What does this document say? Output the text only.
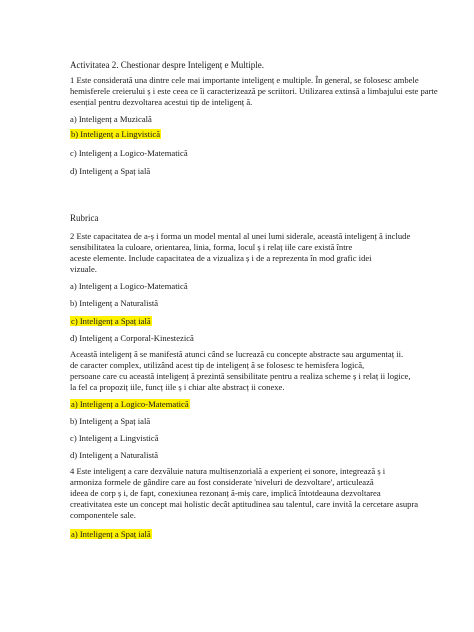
Activitatea 2. Chestionar despre Inteligenț e Multiple.
1 Este considerată una dintre cele mai importante inteligenț e multiple. În general, se folosesc ambele
hemisferele creierului ș i este ceea ce îi caracterizează pe scriitori. Utilizarea extinsă a limbajului este parte
esențial pentru dezvoltarea acestui tip de inteligenț ă.
a) Inteligenț a Muzicală
b) Inteligenț a Lingvistică
c) Inteligenț a Logico-Matematică
d) Inteligenț a Spaț ială
Rubrica
2 Este capacitatea de a-ș i forma un model mental al unei lumi siderale, această inteligenț ă include
sensibilitatea la culoare, orientarea, linia, forma, locul ș i relaț iile care există între
aceste elemente. Include capacitatea de a vizualiza ș i de a reprezenta în mod grafic idei
vizuale.
a) Inteligenț a Logico-Matematică
b) Inteligenț a Naturalistă
c) Inteligenț a Spaț ială
d) Inteligenț a Corporal-Kinestezică
Această inteligenț ă se manifestă atunci când se lucrează cu concepte abstracte sau argumentaț ii.
de caracter complex, utilizând acest tip de inteligenț ă se folosesc te hemisfera logică,
persoane care cu această inteligenț ă prezintă sensibilitate pentru a realiza scheme ș i relaț ii logice,
la fel ca propoziț iile, funcț iile ș i chiar alte abstracț ii conexe.
a) Inteligenț a Logico-Matematică
b) Inteligenț a Spaț ială
c) Inteligenț a Lingvistică
d) Inteligenț a Naturalistă
4 Este inteligenț a care dezvăluie natura multisenzorială a experienț ei sonore, integrează ș i
armoniza formele de gândire care au fost considerate 'niveluri de dezvoltare', articulează
ideea de corp ș i, de fapt, conexiunea rezonanț ă-miș care, implică întotdeauna dezvoltarea
creativitatea este un concept mai holistic decât aptitudinea sau talentul, care invită la cercetare asupra
componentele sale.
a) Inteligenț a Spaț ială
